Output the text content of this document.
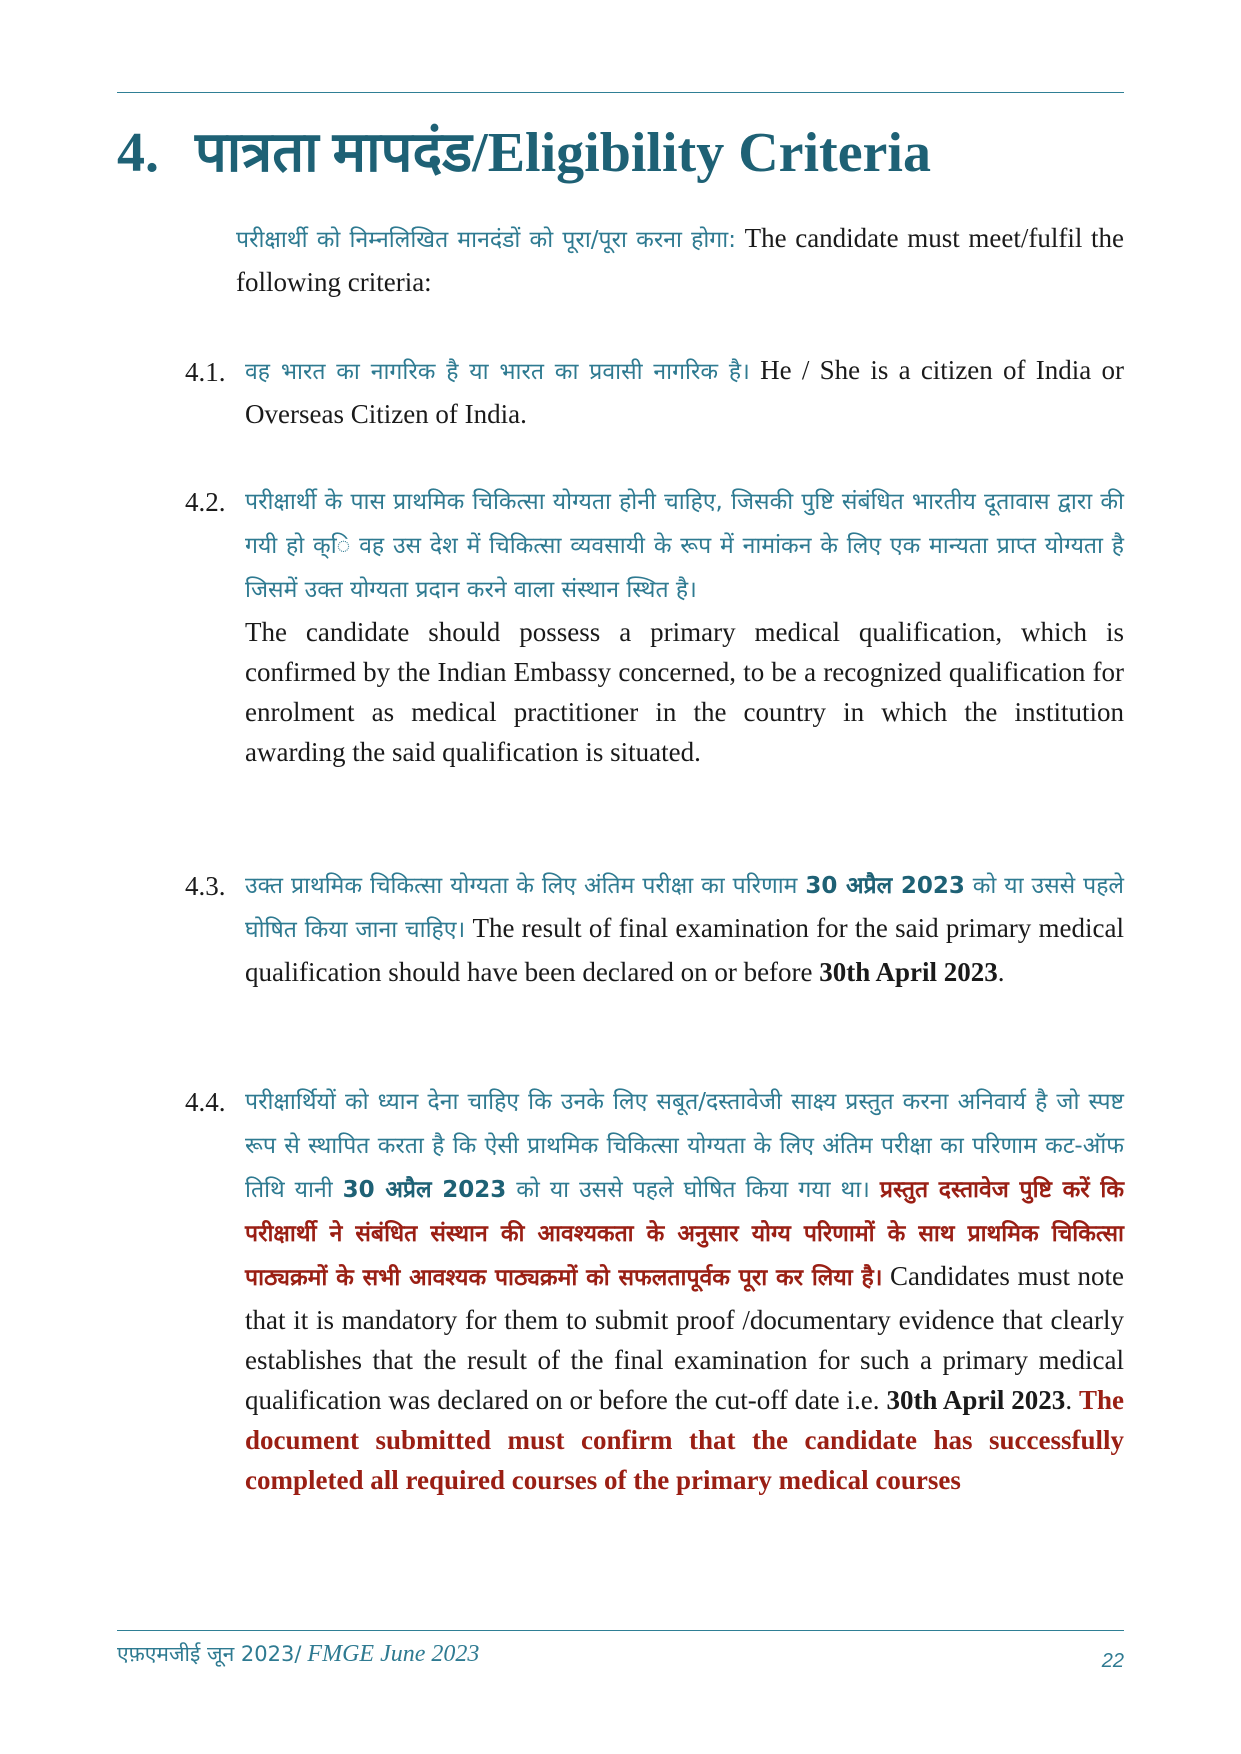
4. पात्रता मापदंड/Eligibility Criteria
परीक्षार्थी को निम्नलिखित मानदंडों को पूरा/पूरा करना होगा: The candidate must meet/fulfil the following criteria:
4.1. वह भारत का नागरिक है या भारत का प्रवासी नागरिक है। He / She is a citizen of India or Overseas Citizen of India.
4.2. परीक्षार्थी के पास प्राथमिक चिकित्सा योग्यता होनी चाहिए, जिसकी पुष्टि संबंधित भारतीय दूतावास द्वारा की गयी हो क्ि वह उस देश में चिकित्सा व्यवसायी के रूप में नामांकन के लिए एक मान्यता प्राप्त योग्यता है जिसमें उक्त योग्यता प्रदान करने वाला संस्थान स्थित है।
The candidate should possess a primary medical qualification, which is confirmed by the Indian Embassy concerned, to be a recognized qualification for enrolment as medical practitioner in the country in which the institution awarding the said qualification is situated.
4.3. उक्त प्राथमिक चिकित्सा योग्यता के लिए अंतिम परीक्षा का परिणाम 30 अप्रैल 2023 को या उससे पहले घोषित किया जाना चाहिए। The result of final examination for the said primary medical qualification should have been declared on or before 30th April 2023.
4.4. परीक्षार्थियों को ध्यान देना चाहिए कि उनके लिए सबूत/दस्तावेजी साक्ष्य प्रस्तुत करना अनिवार्य है जो स्पष्ट रूप से स्थापित करता है कि ऐसी प्राथमिक चिकित्सा योग्यता के लिए अंतिम परीक्षा का परिणाम कट-ऑफ तिथि यानी 30 अप्रैल 2023 को या उससे पहले घोषित किया गया था। प्रस्तुत दस्तावेज पुष्टि करें कि परीक्षार्थी ने संबंधित संस्थान की आवश्यकता के अनुसार योग्य परिणामों के साथ प्राथमिक चिकित्सा पाठ्यक्रमों के सभी आवश्यक पाठ्यक्रमों को सफलतापूर्वक पूरा कर लिया है। Candidates must note that it is mandatory for them to submit proof /documentary evidence that clearly establishes that the result of the final examination for such a primary medical qualification was declared on or before the cut-off date i.e. 30th April 2023. The document submitted must confirm that the candidate has successfully completed all required courses of the primary medical courses
एफ़एमजीई जून 2023/ FMGE June 2023	22
